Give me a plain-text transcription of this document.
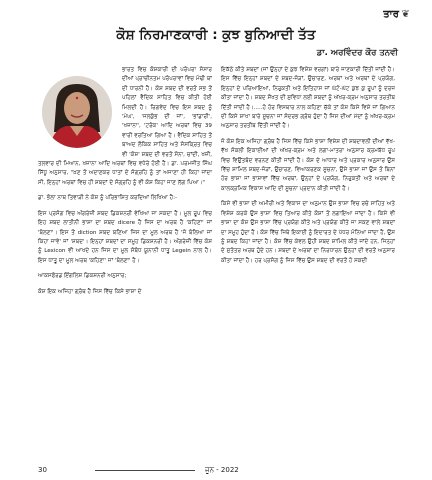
ਤਾਰ ❦
ਕੋਸ਼ ਨਿਰਮਾਣਕਾਰੀ : ਕੁਝ ਬੁਨਿਆਦੀ ਤੱਤ
ਡਾ. ਅਰਵਿੰਦਰ ਕੌਰ ਤਨਵੀ

ਭਾਰਤ ਵਿਚ ਕੋਸ਼ਕਾਰੀ ਦੀ ਪਰੰਪਰਾ ਸੰਸਾਰ ਦੀਆਂ ਪ੍ਰਾਚੀਨਤਮ ਪਰੰਪਰਾਵਾਂ ਵਿਚ ਮੋਢੀ ਥਾਂ ਦੀ ਧਾਰਨੀ ਹੈ। ਕੋਸ਼ ਸ਼ਬਦ ਦੀ ਵਰਤੋਂ ਸਭ ਤੋਂ ਪਹਿਲਾਂ ਵੈਦਿਕ ਸਾਹਿਤ ਵਿਚ ਕੀਤੀ ਹੋਈ ਮਿਲਦੀ ਹੈ। ਰਿਗਵੇਦ ਵਿਚ ਇਸ ਸ਼ਬਦ ਨੂੰ 'ਮੇਘ', 'ਜਲਕੁੰਭ ਦੀ ਜਾਂ', 'ਭਾਂਡਾਰੀ', 'ਖਜ਼ਾਨਾ', 'ਟਰੰਕ' ਆਦਿ ਅਰਥਾਂ ਵਿਚ 39 ਵਾਰੀ ਵਰਤਿਆ ਗਿਆ ਹੈ। ਵੈਦਿਕ ਸਾਹਿਤ ਤੋਂ ਬਾਅਦ ਲੌਕਿਕ ਸਾਹਿਤ ਅਤੇ ਸੰਸਕ੍ਰਿਤ ਵਿਚ ਵੀ 'ਕੋਸ਼' ਸ਼ਬਦ ਦੀ ਵਰਤੋਂ ਸੋਨਾ, ਚਾਂਦੀ, ਖਜ਼ੀ, ਤਲਵਾਰ ਦੀ ਮਿਆਨ, ਖਜ਼ਾਨਾ ਆਦਿ ਅਰਥਾਂ ਵਿਚ ਵਧੇਰੇ ਹੋਈ ਹੈ। ਡਾ. ਪਰਮਜੀਤ ਸਿੰਘ ਸਿੱਧੂ ਅਨੁਸਾਰ, "ਖ਼ਣ ਤੋਂ ਅਦਾਣਕਰ ਧਾਤਾਂ ਦੇ ਸੰਗ੍ਰਹਿ ਨੂੰ ਤਾਂ ਅਜਾਣਾ ਹੀ ਕਿਹਾ ਜਾਂਦਾ ਸੀ, ਇਨ੍ਹਾਂ ਅਰਥਾਂ ਵਿਚ ਹੀ ਸ਼ਬਦਾਂ ਦੇ ਸੰਗ੍ਰਹਿ ਨੂੰ ਵੀ ਕੋਸ਼ ਕਿਹਾ ਜਾਣ ਲੱਗ ਪਿਆ।"

ਡਾ. ਭੋਲਾ ਨਾਥ ਤਿਵਾੜੀ ਨੇ ਕੋਸ਼ ਨੂੰ ਪਰਿਭਾਸ਼ਿਤ ਕਰਦਿਆਂ ਲਿਖਿਆ ਹੈ:-

ਇਸ ਪ੍ਰਸੰਗ ਵਿਚ ਅੰਗਰੇਜ਼ੀ ਸ਼ਬਦ ਡਿਕਸ਼ਨਰੀ ਵੇਖਿਆ ਜਾ ਸਕਦਾ ਹੈ। ਮੂਲ ਰੂਪ ਵਿਚ ਇਹ ਸ਼ਬਦ ਲਾਤੀਨੀ ਭਾਸ਼ਾ ਦਾ ਸ਼ਬਦ dicere ਹੈ ਜਿਸ ਦਾ ਅਰਥ ਹੈ 'ਕਹਿਣਾ' ਜਾਂ 'ਬੋਲਣਾ'। ਇਸ ਤੋਂ diction ਸ਼ਬਦ ਬਣਿਆ ਜਿਸ ਦਾ ਮੂਲ ਅਰਥ ਹੈ 'ਜੋ ਬੋਲਿਆ ਜਾਂ ਕਿਹਾ ਜਾਵੇ' ਜਾਂ 'ਸ਼ਬਦ'। ਇਨ੍ਹਾਂ ਸ਼ਬਦਾਂ ਦਾ ਸਮੂਹ ਡਿਕਸ਼ਨਰੀ ਹੈ। ਅੰਗਰੇਜ਼ੀ ਵਿੱਚ ਕੋਸ਼ ਨੂੰ Lexicon ਵੀ ਆਖਦੇ ਹਨ ਜਿਸ ਦਾ ਮੂਲ ਸੰਬੰਧ ਯੂਨਾਨੀ ਧਾਤੂ Legein ਨਾਲ ਹੈ। ਇਸ ਧਾਤੂ ਦਾ ਮੂਲ ਅਰਥ 'ਕਹਿਣਾ' ਜਾਂ 'ਬੋਲਣਾ' ਹੈ।

ਆਕਸਫੋਰਡ ਇੰਗਲਿਸ਼ ਡਿਕਸ਼ਨਰੀ ਅਨੁਸਾਰ;

ਕੋਸ਼ ਇਕ ਅਜਿਹਾ ਗ੍ਰੰਥ ਹੈ ਜਿਸ ਵਿੱਚ ਕਿਸੇ ਭਾਸ਼ਾ ਦੇ

ਇਕੱਠੇ ਕੀਤੇ ਸ਼ਬਦਾਂ (ਜਾਂ ਉਨ੍ਹਾਂ ਦੇ ਕੁਝ ਵਿਸ਼ੇਸ਼ ਵਰਗਾਂ) ਬਾਰੇ ਜਾਣਕਾਰੀ ਦਿੱਤੀ ਜਾਂਦੀ ਹੈ। ਇਸ ਵਿੱਚ ਇਨ੍ਹਾਂ ਸ਼ਬਦਾਂ ਦੇ ਸ਼ਬਦ-ਜੋੜਾਂ, ਉਚਾਰਣ, ਅਰਥਾਂ ਅਤੇ ਅਰਥਾਂ ਦੇ ਪ੍ਰਯੋਗ, ਇਨ੍ਹਾਂ ਦੇ ਪਰਿਆਇਆਂ, ਨਿਰੁਕਤੀ ਅਤੇ ਇਤਿਹਾਸ ਜਾਂ ਘੱਟੋ-ਘੱਟ ਕੁਝ ਕੁ ਰੂਪਾਂ ਨੂੰ ਦਰਜ ਕੀਤਾ ਜਾਂਦਾ ਹੈ। ਸ਼ਬਦ ਸੌਖਤ ਦੀ ਸੁਵਿਧਾ ਲਈ ਸ਼ਬਦਾਂ ਨੂੰ ਅੱਖਰ-ਕ੍ਰਮ ਅਨੁਸਾਰ ਤਰਤੀਬ ਦਿੱਤੀ ਜਾਂਦੀ ਹੈ।.....ਹੋ ਹੋਰ ਵਿਸਥਾਰ ਨਾਲ ਕਹਿਣਾ ਚੱਕੇ ਤਾਂ ਕੋਸ਼ ਕਿਸੇ ਵਿਸ਼ੇ ਜਾਂ ਗਿਆਨ ਦੀ ਕਿਸੇ ਸ਼ਾਖਾ ਬਾਰੇ ਸੂਚਨਾ ਜਾਂ ਸੰਦਰਭ ਗ੍ਰੰਥ ਹੁੰਦਾ ਹੈ ਜਿਸ ਦੀਆਂ ਮੱਦਾਂ ਨੂੰ ਅੱਖਰ-ਕ੍ਰਮ ਅਨੁਸਾਰ ਤਰਤੀਬ ਦਿੱਤੀ ਜਾਂਦੀ ਹੈ।

ਜੋ ਕੋਸ਼ ਇਕ ਅਜਿਹਾ ਗ੍ਰੰਥ ਹੈ ਜਿਸ ਵਿੱਚ ਕਿਸੇ ਭਾਸ਼ਾ ਵਿਸ਼ੇਸ਼ ਦੀ ਸ਼ਬਦਾਵਲੀ ਦੀਆਂ ਵੱਖ-ਵੱਖ ਸੰਕਲੀ ਇਕਾਈਆਂ ਦੀ ਅੱਖਰ-ਕ੍ਰਮ ਅਤੇ ਲਗਾ-ਮਾਤਰਾ ਅਨੁਸਾਰ ਕ੍ਰਮਬੱਧ ਰੂਪ ਵਿਚ ਵਿਉਂਤਬੰਦ ਵਰਨਣ ਕੀਤੀ ਜਾਂਦੀ ਹੈ। ਕੋਸ਼ ਦੇ ਆਧਾਰ ਅਤੇ ਪ੍ਰਕਾਰ ਅਨੁਸਾਰ ਉਸ ਵਿੱਚ ਸ਼ਾਮਿਲ ਸ਼ਬਦ-ਜੋੜਾਂ, ਉਚਾਰਣ, ਵਿਆਕਰਣਕ ਸੂਚਨਾ, ਉਸੇ ਭਾਸ਼ਾ ਜਾਂ ਉਸ ਤੋਂ ਬਿਨਾਂ ਹੋਰ ਭਾਸ਼ਾ ਜਾਂ ਭਾਸ਼ਾਵਾਂ ਵਿੱਚ ਅਰਥਾਂ, ਉਨ੍ਹਾਂ ਦੇ ਪ੍ਰਯੋਗ, ਨਿਰੁਕਤੀ ਅਤੇ ਅਰਥਾਂ ਦੇ ਕਾਲਕ੍ਰਮਿਕ ਵਿਕਾਸ ਆਦਿ ਦੀ ਸੂਚਨਾ ਪ੍ਰਦਾਨ ਕੀਤੀ ਜਾਂਦੀ ਹੈ।

ਕਿਸੇ ਵੀ ਭਾਸ਼ਾ ਦੀ ਅਮੀਰੀ ਅਤੇ ਵਿਕਾਸ ਦਾ ਅਨੁਮਾਨ ਉਸ ਭਾਸ਼ਾ ਵਿਚ ਰਚੇ ਸਾਹਿਤ ਅਤੇ ਵਿਸ਼ੇਸ਼ ਕਰਕੇ ਉਸ ਭਾਸ਼ਾ ਵਿਚ ਤਿਆਰ ਕੀਤੇ ਕੋਸ਼ਾਂ ਤੋਂ ਲਗਾਇਆ ਜਾਂਦਾ ਹੈ। ਕਿਸੇ ਵੀ ਭਾਸ਼ਾ ਦਾ ਕੋਸ਼ ਉਸ ਭਾਸ਼ਾ ਵਿੱਚ ਪ੍ਰਯੋਗ ਕੀਤੇ ਅਤੇ ਪ੍ਰਯੋਗ ਕੀਤੇ ਜਾ ਸਕਣ ਵਾਲੇ ਸ਼ਬਦਾਂ ਦਾ ਸਮੂਹ ਹੁੰਦਾ ਹੈ। ਕੋਸ਼ ਵਿੱਚ ਜਿਥੇ ਇਕਾਈ ਨੂੰ ਇਦਾਰਤ ਦੇ ਪੱਧਰ ਮੰਨਿਆ ਜਾਂਦਾ ਹੈ, ਉਸ ਨੂੰ ਸ਼ਬਦ ਕਿਹਾ ਜਾਂਦਾ ਹੈ। ਕੋਸ਼ ਵਿੱਚ ਕੇਵਲ ਉਹੀ ਸ਼ਬਦ ਸ਼ਾਮਿਲ ਕੀਤੇ ਜਾਂਦੇ ਹਨ, ਜਿਨ੍ਹਾਂ ਦੇ ਸੁਤੰਤਰ ਅਰਥ ਹੁੰਦੇ ਹਨ। ਸ਼ਬਦਾਂ ਦੇ ਅਰਥਾਂ ਦਾ ਨਿਰਧਾਰਨ ਉਨ੍ਹਾਂ ਦੀ ਵਰਤੋਂ ਅਨੁਸਾਰ ਕੀਤਾ ਜਾਂਦਾ ਹੈ। ਹਰ ਪ੍ਰਸੰਗ ਨੂੰ ਜਿਸ ਵਿੱਚ ਉਸ ਸ਼ਬਦ ਦੀ ਵਰਤੋਂ ਹੋ ਸਕਦੀ

30	ਜੂਨ - 2022
